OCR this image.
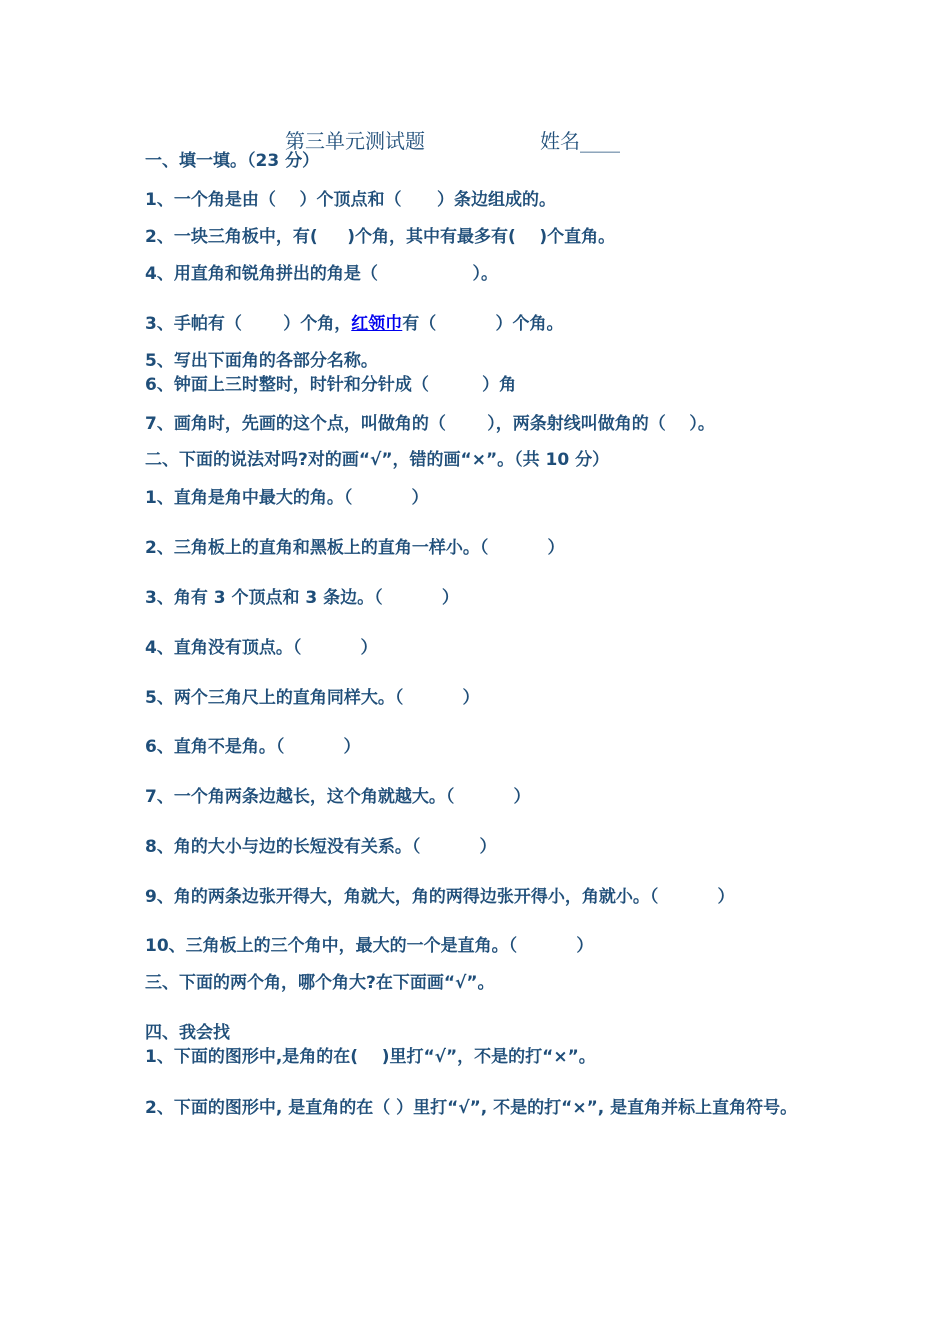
第三单元测试题	姓名____
一、填一填。（23 分）
1、一个角是由（    ）个顶点和（      ）条边组成的。
2、一块三角板中，有(     )个角，其中有最多有(    )个直角。
4、用直角和锐角拼出的角是（                ）。
3、手帕有（       ）个角，红领巾有（          ）个角。
5、写出下面角的各部分名称。
6、钟面上三时整时，时针和分针成（         ）角
7、画角时，先画的这个点，叫做角的（       ），两条射线叫做角的（    ）。
二、下面的说法对吗?对的画“√”，错的画“×”。（共 10 分）
1、直角是角中最大的角。（          ）
2、三角板上的直角和黑板上的直角一样小。（          ）
3、角有 3 个顶点和 3 条边。（          ）
4、直角没有顶点。（          ）
5、两个三角尺上的直角同样大。（          ）
6、直角不是角。（          ）
7、一个角两条边越长，这个角就越大。（          ）
8、角的大小与边的长短没有关系。（          ）
9、角的两条边张开得大，角就大，角的两得边张开得小，角就小。（          ）
10、三角板上的三个角中，最大的一个是直角。（          ）
三、下面的两个角，哪个角大?在下面画“√”。
四、我会找
1、下面的图形中,是角的在(    )里打“√”，不是的打“×”。
2、下面的图形中, 是直角的在（ ）里打“√”, 不是的打“×”, 是直角并标上直角符号。
